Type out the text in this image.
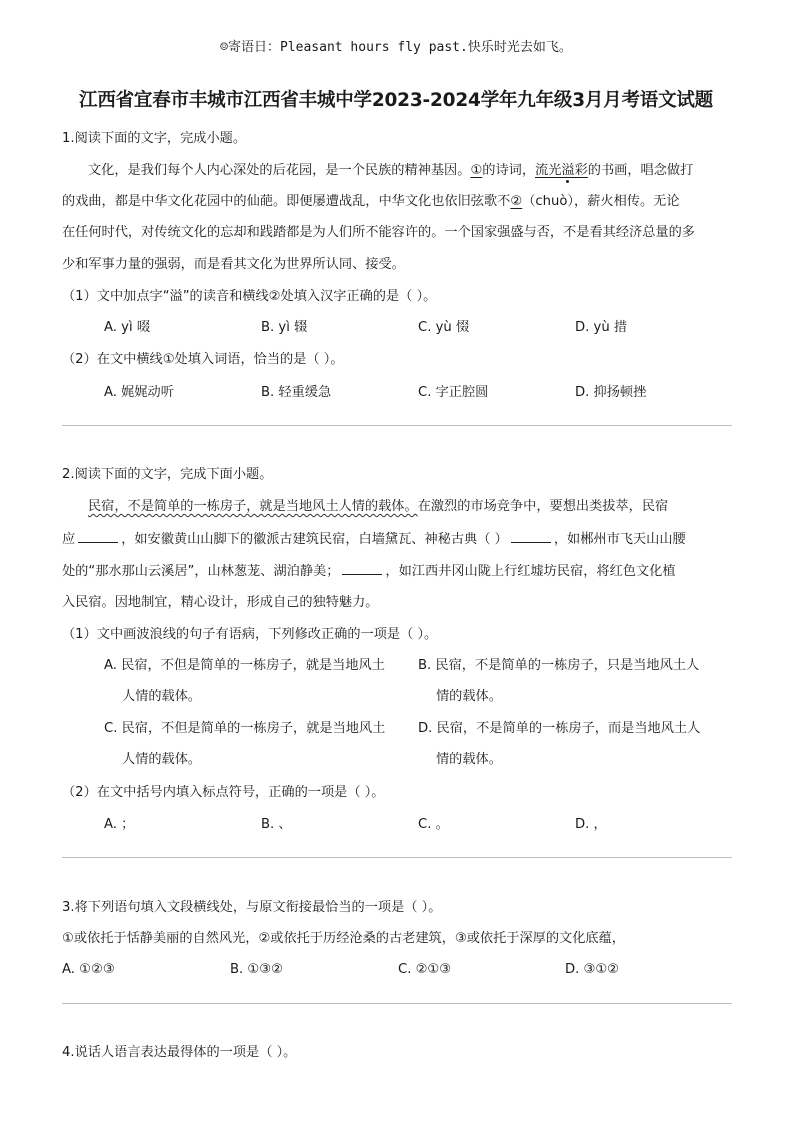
☺寄语日：Pleasant hours fly past.快乐时光去如飞。
江西省宜春市丰城市江西省丰城中学2023-2024学年九年级3月月考语文试题
1.阅读下面的文字，完成小题。
文化，是我们每个人内心深处的后花园，是一个民族的精神基因。①的诗词，流光溢彩的书画，唱念做打
的戏曲，都是中华文化花园中的仙葩。即便屡遭战乱，中华文化也依旧弦歌不②（chuò），薪火相传。无论
在任何时代，对传统文化的忘却和践踏都是为人们所不能容许的。一个国家强盛与否，不是看其经济总量的多
少和军事力量的强弱，而是看其文化为世界所认同、接受。
（1）文中加点字“溢”的读音和横线②处填入汉字正确的是（ ）。
A. yì 啜	B. yì 辍	C. yù 惙	D. yù 措
（2）在文中横线①处填入词语，恰当的是（ ）。
A. 娓娓动听	B. 轻重缓急	C. 字正腔圆	D. 抑扬顿挫
2.阅读下面的文字，完成下面小题。
民宿，不是简单的一栋房子，就是当地风土人情的载体。在激烈的市场竞争中，要想出类拔萃，民宿
应	，如安徽黄山山脚下的徽派古建筑民宿，白墙黛瓦、神秘古典（ ）	，如郴州市飞天山山腰
处的“那水那山云溪居”，山林葱茏、湖泊静美；	，如江西井冈山陇上行红墟坊民宿，将红色文化植
入民宿。因地制宜，精心设计，形成自己的独特魅力。
（1）文中画波浪线的句子有语病，下列修改正确的一项是（ ）。
A. 民宿，不但是简单的一栋房子，就是当地风土
人情的载体。
B. 民宿，不是简单的一栋房子，只是当地风土人
情的载体。
C. 民宿，不但是简单的一栋房子，就是当地风土
人情的载体。
D. 民宿，不是简单的一栋房子，而是当地风土人
情的载体。
（2）在文中括号内填入标点符号，正确的一项是（ ）。
A. ；	B. 、	C. 。	D. ，
3.将下列语句填入文段横线处，与原文衔接最恰当的一项是（ ）。
①或依托于恬静美丽的自然风光，②或依托于历经沧桑的古老建筑，③或依托于深厚的文化底蕴，
A. ①②③	B. ①③②	C. ②①③	D. ③①②
4.说话人语言表达最得体的一项是（ ）。
